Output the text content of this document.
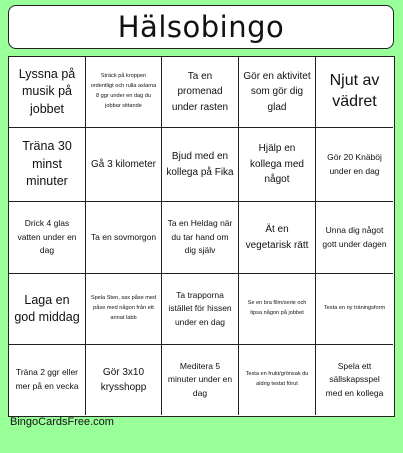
Hälsobingo
Lyssna på musik på jobbet
Sträck på kroppen ordentligt och rulla axlarna 8 ggr under en dag du jobbar sittande
Ta en promenad under rasten
Gör en aktivitet som gör dig glad
Njut av vädret
Träna 30 minst minuter
Gå 3 kilometer
Bjud med en kollega på Fika
Hjälp en kollega med något
Gör 20 Knäböj under en dag
Drick 4 glas vatten under en dag
Ta en sovmorgon
Ta en Heldag när du tar hand om dig själv
Ät en vegetarisk rätt
Unna dig något gott under dagen
Laga en god middag
Spela Sten, sax påse med påse med någon från ett annat labb
Ta trapporna istället för hissen under en dag
Se en bra film/serie och tipsa någon på jobbet
Testa en ny träningsform
Träna 2 ggr eller mer på en vecka
Gör 3x10 krysshopp
Meditera 5 minuter under en dag
Testa en frukt/grönsak du aldrig testat förut
Spela ett sällskapsspel med en kollega
BingoCardsFree.com
